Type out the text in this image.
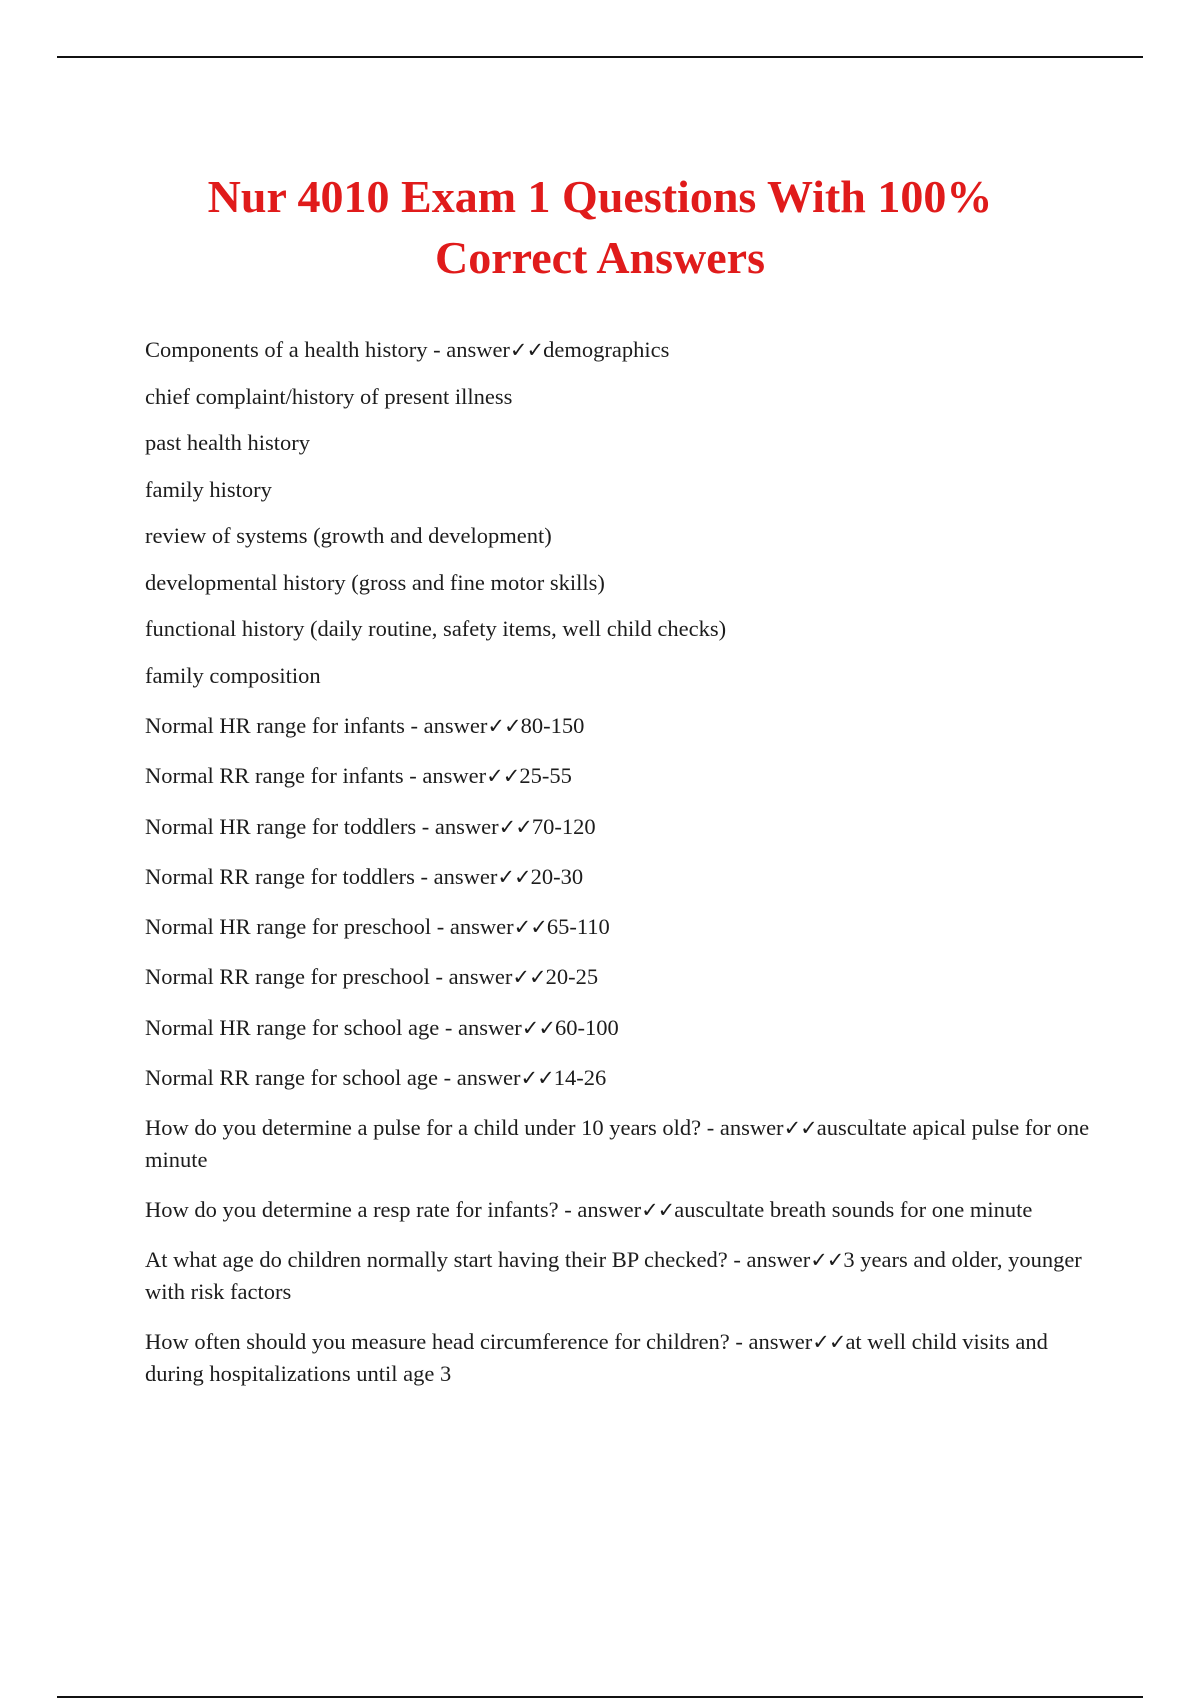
Nur 4010 Exam 1 Questions With 100%
Correct Answers
Components of a health history - answer✓✓demographics
chief complaint/history of present illness
past health history
family history
review of systems (growth and development)
developmental history (gross and fine motor skills)
functional history (daily routine, safety items, well child checks)
family composition
Normal HR range for infants - answer✓✓80-150
Normal RR range for infants - answer✓✓25-55
Normal HR range for toddlers - answer✓✓70-120
Normal RR range for toddlers - answer✓✓20-30
Normal HR range for preschool - answer✓✓65-110
Normal RR range for preschool - answer✓✓20-25
Normal HR range for school age - answer✓✓60-100
Normal RR range for school age - answer✓✓14-26
How do you determine a pulse for a child under 10 years old? - answer✓✓auscultate apical pulse for one minute
How do you determine a resp rate for infants? - answer✓✓auscultate breath sounds for one minute
At what age do children normally start having their BP checked? - answer✓✓3 years and older, younger with risk factors
How often should you measure head circumference for children? - answer✓✓at well child visits and during hospitalizations until age 3
